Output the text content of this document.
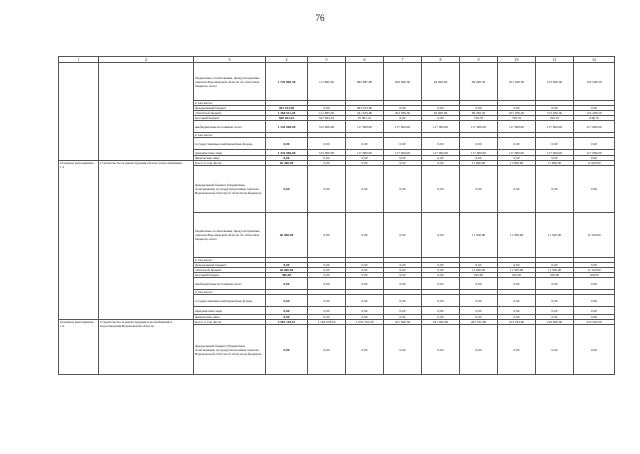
76
1	2	3	4	5	6	7	8	9	10	11	12
		бюджетные ассигнования, предусмотренные законом Воронежской области об областном бюджете, всего	1 729 865,30	111 685,50	993 987,80	204 366,50	64 000,00	99 206,30	107 206,30	153 206,30	119 206,30
		в том числе:									
		федеральный бюджет	363 353,90	0,00	363 353,90	0,00	0,00	0,00	0,00	0,00	0,00
		областной бюджет	1 360 511,40	111 685,50	541 633,90	204 366,50	64 000,00	99 206,30	107 206,30	153 206,30	119 206,50
		местный бюджет	566 653,61	537 993,43	25 807,41	0,00	0,00	728,70	736,70	342,70	648,70
		внебюджетные источники, всего	1 334 000,00	515 000,00	117 000,00	117 000,00	117 000,00	117 000,00	117 000,00	117 000,00	117 000,00
		в том числе:									
		государственные внебюджетные фонды	0,00	0,00	0,00	0,00	0,00	0,00	0,00	0,00	0,00
		юридические лица	1 334 000,00	515 000,00	117 000,00	117 000,00	117 000,00	117 000,00	117 000,00	117 000,00	117 000,00
		физические лица	0,00	0,00	0,00	0,00	0,00	0,00	0,00	0,00	0,00
Основное мероприятие 1.1	Строительство и реконструкция систем теплоснабжения	всего, в том числе:	46 400,00	0,00	0,00	0,00	0,00	11 600,00	11 600,00	11 600,00	11 600,00
		федеральный бюджет (бюджетные ассигнования, не предусмотренные законом Воронежской области об областном бюджете)	0,00	0,00	0,00	0,00	0,00	0,00	0,00	0,00	0,00
		бюджетные ассигнования, предусмотренные законом Воронежской области об областном бюджете, всего	46 000,00	0,00	0,00	0,00	0,00	11 500,00	11 500,00	11 500,00	11 500,00
		в том числе:									
		федеральный бюджет	0,00	0,00	0,00	0,00	0,00	0,00	0,00	0,00	0,00
		областной бюджет	46 000,00	0,00	0,00	0,00	0,00	11 500,00	11 500,00	11 500,00	11 500,00
		местный бюджет	400,00	0,00	0,00	0,00	0,00	100,00	100,00	100,00	100,00
		внебюджетные источники, всего	0,00	0,00	0,00	0,00	0,00	0,00	0,00	0,00	0,00
		в том числе:									
		государственные внебюджетные фонды	0,00	0,00	0,00	0,00	0,00	0,00	0,00	0,00	0,00
		юридические лица	0,00	0,00	0,00	0,00	0,00	0,00	0,00	0,00	0,00
		физические лица	0,00	0,00	0,00	0,00	0,00	0,00	0,00	0,00	0,00
Основное мероприятие 1.2	Строительство и реконструкция водоснабжения и водоотведения Воронежской области	всего, в том числе:	3 581 118,51	1 164 078,93	1 053 791,20	321 366,50	181 000,00	205 335,00	213 343,00	219 909,00	225 295,00
		федеральный бюджет (бюджетные ассигнования, не предусмотренные законом Воронежской области об областном бюджете)	0,00	0,00	0,00	0,00	0,00	0,00	0,00	0,00	0,00
